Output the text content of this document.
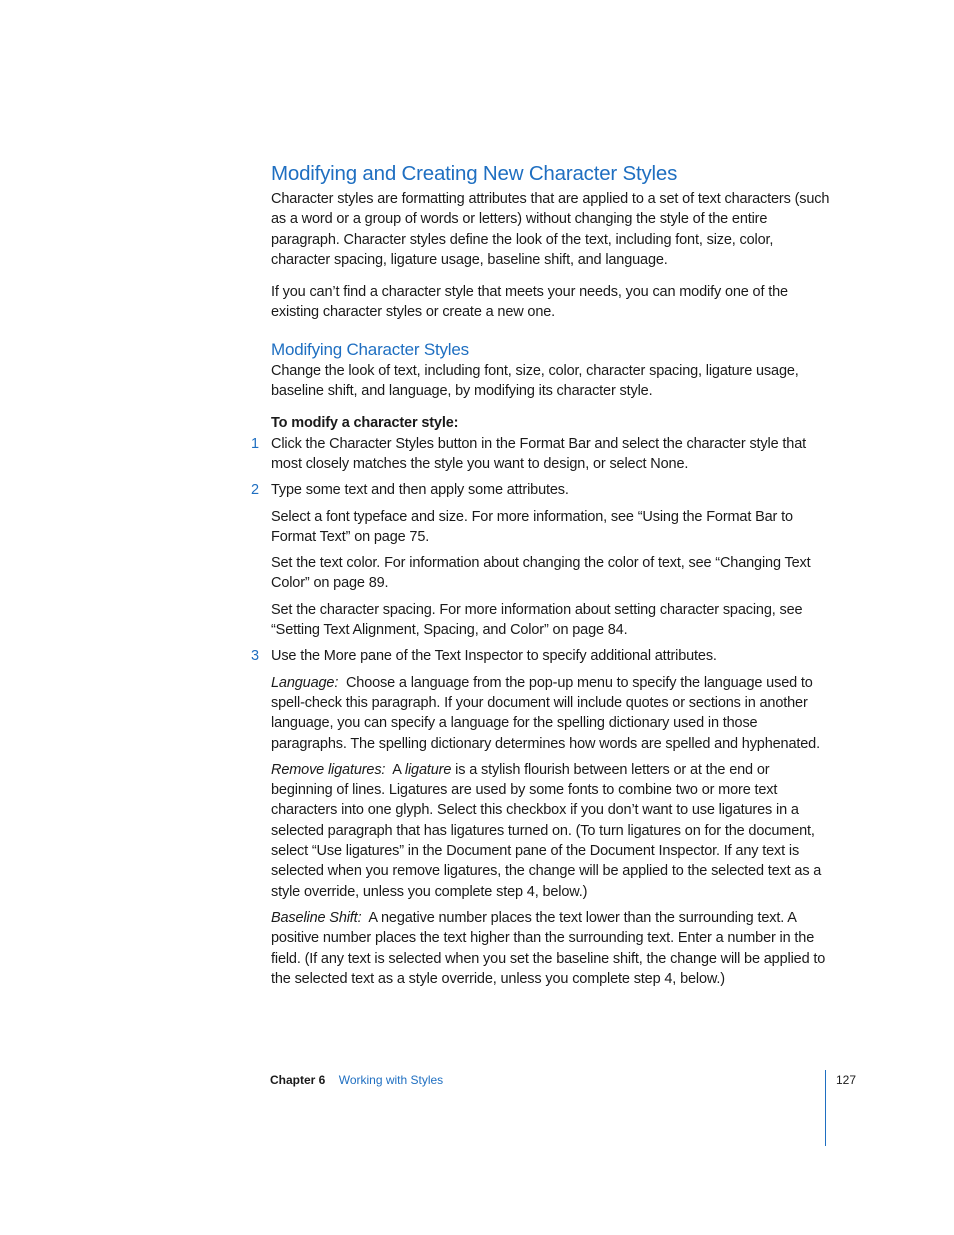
Modifying and Creating New Character Styles

Character styles are formatting attributes that are applied to a set of text characters (such as a word or a group of words or letters) without changing the style of the entire paragraph. Character styles define the look of the text, including font, size, color, character spacing, ligature usage, baseline shift, and language.

If you can’t find a character style that meets your needs, you can modify one of the existing character styles or create a new one.

Modifying Character Styles

Change the look of text, including font, size, color, character spacing, ligature usage, baseline shift, and language, by modifying its character style.

To modify a character style:

1 Click the Character Styles button in the Format Bar and select the character style that most closely matches the style you want to design, or select None.

2 Type some text and then apply some attributes.

Select a font typeface and size. For more information, see “Using the Format Bar to Format Text” on page 75.

Set the text color. For information about changing the color of text, see “Changing Text Color” on page 89.

Set the character spacing. For more information about setting character spacing, see “Setting Text Alignment, Spacing, and Color” on page 84.

3 Use the More pane of the Text Inspector to specify additional attributes.

Language: Choose a language from the pop-up menu to specify the language used to spell-check this paragraph. If your document will include quotes or sections in another language, you can specify a language for the spelling dictionary used in those paragraphs. The spelling dictionary determines how words are spelled and hyphenated.

Remove ligatures: A ligature is a stylish flourish between letters or at the end or beginning of lines. Ligatures are used by some fonts to combine two or more text characters into one glyph. Select this checkbox if you don’t want to use ligatures in a selected paragraph that has ligatures turned on. (To turn ligatures on for the document, select “Use ligatures” in the Document pane of the Document Inspector. If any text is selected when you remove ligatures, the change will be applied to the selected text as a style override, unless you complete step 4, below.)

Baseline Shift: A negative number places the text lower than the surrounding text. A positive number places the text higher than the surrounding text. Enter a number in the field. (If any text is selected when you set the baseline shift, the change will be applied to the selected text as a style override, unless you complete step 4, below.)

Chapter 6 Working with Styles	127
